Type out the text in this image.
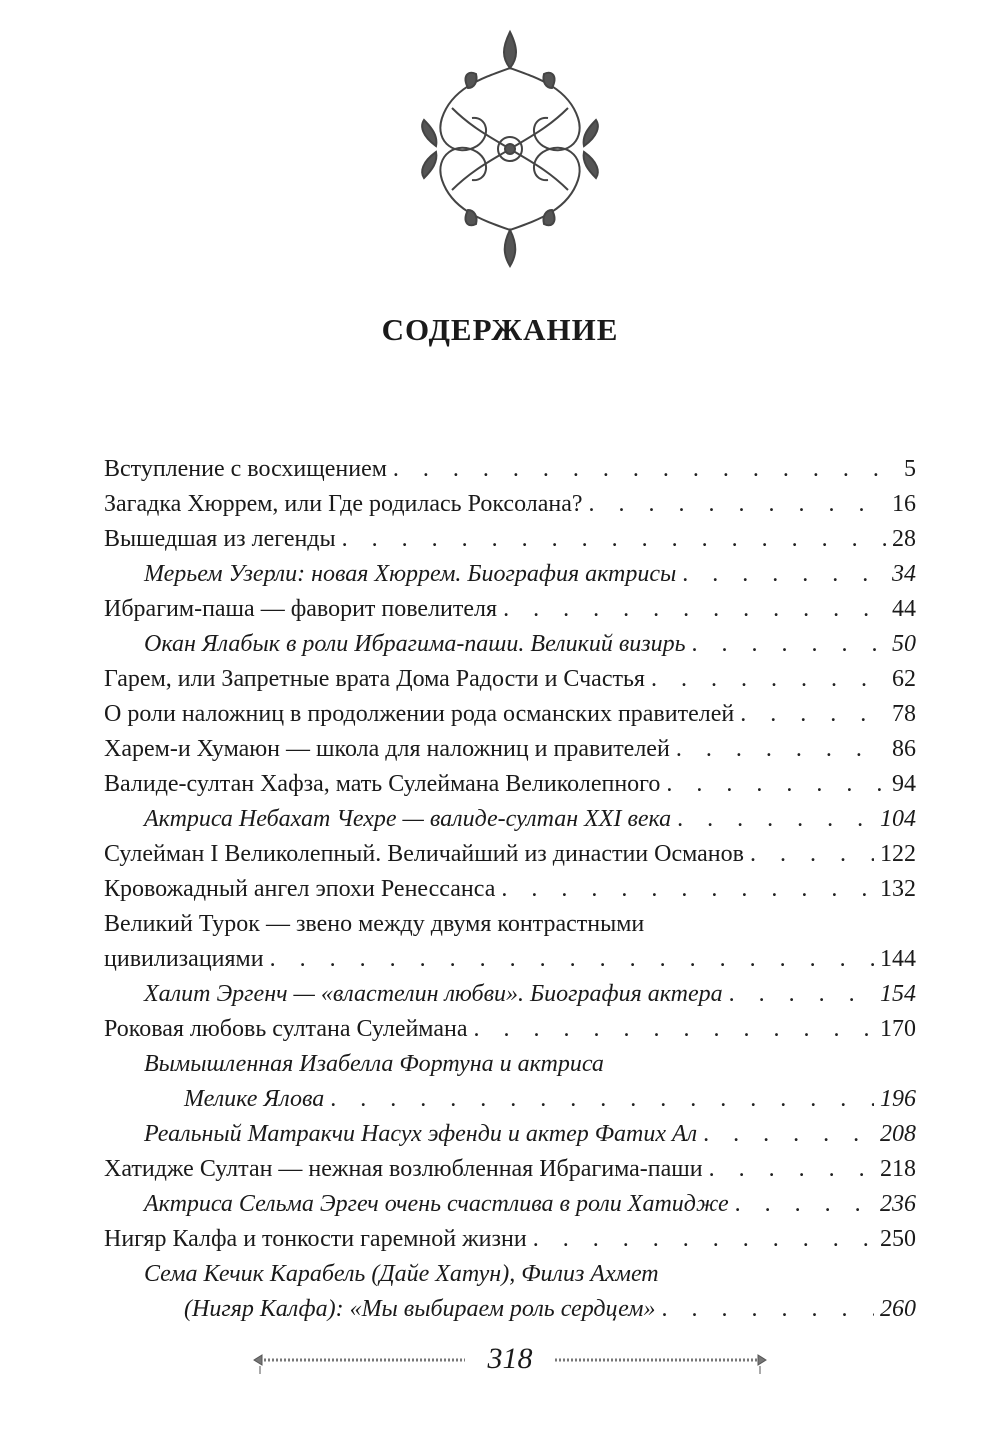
СОДЕРЖАНИЕ
Вступление с восхищением . . .	5
Загадка Хюррем, или Где родилась Роксолана? . . .	16
Вышедшая из легенды . . .	28
Мерьем Узерли: новая Хюррем. Биография актрисы . . .	34
Ибрагим-паша — фаворит повелителя . . .	44
Окан Ялабык в роли Ибрагима-паши. Великий визирь . . .	50
Гарем, или Запретные врата Дома Радости и Счастья . . .	62
О роли наложниц в продолжении рода османских правителей . . .	78
Харем-и Хумаюн — школа для наложниц и правителей . . .	86
Валиде-султан Хафза, мать Сулеймана Великолепного . . .	94
Актриса Небахат Чехре — валиде-султан XXI века . . .	104
Сулейман I Великолепный. Величайший из династии Османов . . .	122
Кровожадный ангел эпохи Ренессанса . . .	132
Великий Турок — звено между двумя контрастными
цивилизациями . . .	144
Халит Эргенч — «властелин любви». Биография актера . . .	154
Роковая любовь султана Сулеймана . . .	170
Вымышленная Изабелла Фортуна и актриса
Мелике Ялова . . .	196
Реальный Матракчи Насух эфенди и актер Фатих Ал . . .	208
Хатидже Султан — нежная возлюбленная Ибрагима-паши . . .	218
Актриса Сельма Эргеч очень счастлива в роли Хатидже . . .	236
Нигяр Калфа и тонкости гаремной жизни . . .	250
Сема Кечик Карабель (Дайе Хатун), Филиз Ахмет
(Нигяр Калфа): «Мы выбираем роль сердцем» . . .	260
318
